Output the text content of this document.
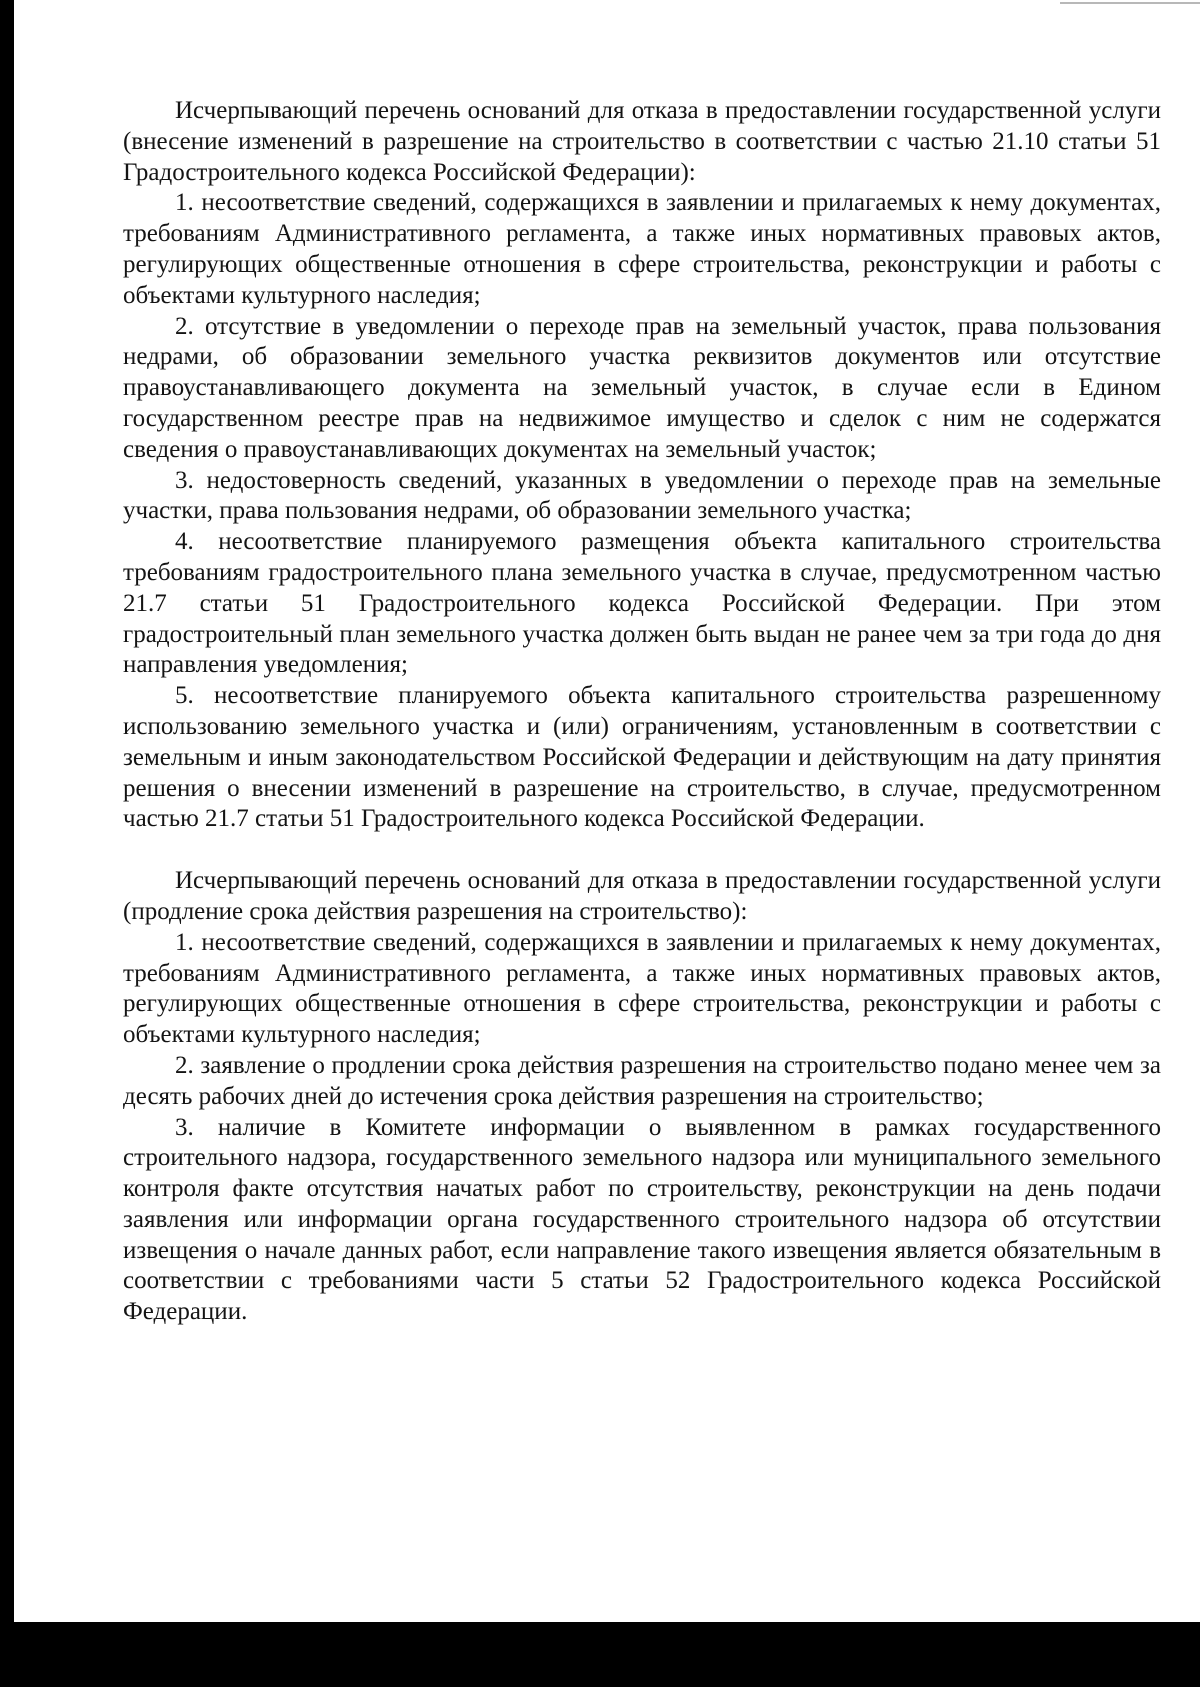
Исчерпывающий перечень оснований для отказа в предоставлении государственной услуги (внесение изменений в разрешение на строительство в соответствии с частью 21.10 статьи 51 Градостроительного кодекса Российской Федерации):

1. несоответствие сведений, содержащихся в заявлении и прилагаемых к нему документах, требованиям Административного регламента, а также иных нормативных правовых актов, регулирующих общественные отношения в сфере строительства, реконструкции и работы с объектами культурного наследия;

2. отсутствие в уведомлении о переходе прав на земельный участок, права пользования недрами, об образовании земельного участка реквизитов документов или отсутствие правоустанавливающего документа на земельный участок, в случае если в Едином государственном реестре прав на недвижимое имущество и сделок с ним не содержатся сведения о правоустанавливающих документах на земельный участок;

3. недостоверность сведений, указанных в уведомлении о переходе прав на земельные участки, права пользования недрами, об образовании земельного участка;

4. несоответствие планируемого размещения объекта капитального строительства требованиям градостроительного плана земельного участка в случае, предусмотренном частью 21.7 статьи 51 Градостроительного кодекса Российской Федерации. При этом градостроительный план земельного участка должен быть выдан не ранее чем за три года до дня направления уведомления;

5. несоответствие планируемого объекта капитального строительства разрешенному использованию земельного участка и (или) ограничениям, установленным в соответствии с земельным и иным законодательством Российской Федерации и действующим на дату принятия решения о внесении изменений в разрешение на строительство, в случае, предусмотренном частью 21.7 статьи 51 Градостроительного кодекса Российской Федерации.

Исчерпывающий перечень оснований для отказа в предоставлении государственной услуги (продление срока действия разрешения на строительство):

1. несоответствие сведений, содержащихся в заявлении и прилагаемых к нему документах, требованиям Административного регламента, а также иных нормативных правовых актов, регулирующих общественные отношения в сфере строительства, реконструкции и работы с объектами культурного наследия;

2. заявление о продлении срока действия разрешения на строительство подано менее чем за десять рабочих дней до истечения срока действия разрешения на строительство;

3. наличие в Комитете информации о выявленном в рамках государственного строительного надзора, государственного земельного надзора или муниципального земельного контроля факте отсутствия начатых работ по строительству, реконструкции на день подачи заявления или информации органа государственного строительного надзора об отсутствии извещения о начале данных работ, если направление такого извещения является обязательным в соответствии с требованиями части 5 статьи 52 Градостроительного кодекса Российской Федерации.
